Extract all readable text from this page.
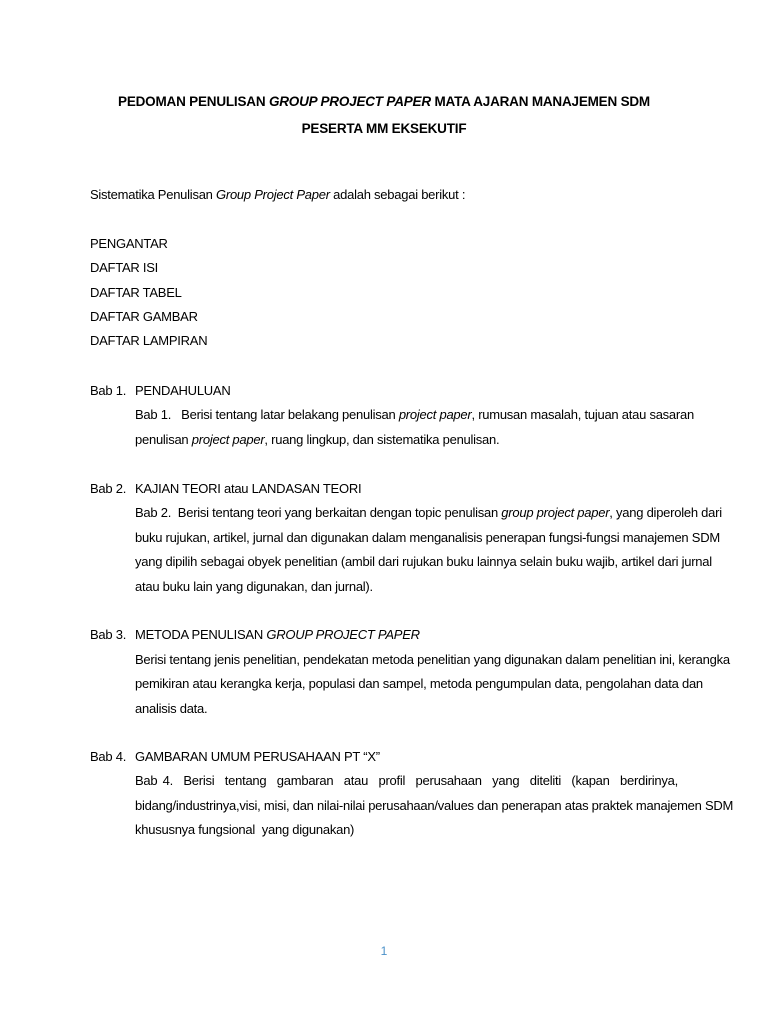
PEDOMAN PENULISAN GROUP PROJECT PAPER MATA AJARAN MANAJEMEN SDM
PESERTA MM EKSEKUTIF
Sistematika Penulisan Group Project Paper adalah sebagai berikut :
PENGANTAR
DAFTAR ISI
DAFTAR TABEL
DAFTAR GAMBAR
DAFTAR LAMPIRAN
Bab 1. PENDAHULUAN
Bab 1.   Berisi tentang latar belakang penulisan project paper, rumusan masalah, tujuan atau sasaran
penulisan project paper, ruang lingkup, dan sistematika penulisan.
Bab 2. KAJIAN TEORI atau LANDASAN TEORI
Bab 2.  Berisi tentang teori yang berkaitan dengan topic penulisan group project paper, yang diperoleh dari
buku rujukan, artikel, jurnal dan digunakan dalam menganalisis penerapan fungsi-fungsi manajemen SDM
yang dipilih sebagai obyek penelitian (ambil dari rujukan buku lainnya selain buku wajib, artikel dari jurnal
atau buku lain yang digunakan, dan jurnal).
Bab 3. METODA PENULISAN GROUP PROJECT PAPER
Berisi tentang jenis penelitian, pendekatan metoda penelitian yang digunakan dalam penelitian ini, kerangka
pemikiran atau kerangka kerja, populasi dan sampel, metoda pengumpulan data, pengolahan data dan
analisis data.
Bab 4. GAMBARAN UMUM PERUSAHAAN PT “X”
Bab 4.  Berisi  tentang  gambaran  atau  profil  perusahaan  yang  diteliti  (kapan  berdirinya,
bidang/industrinya,visi, misi, dan nilai-nilai perusahaan/values dan penerapan atas praktek manajemen SDM
khususnya fungsional  yang digunakan)
1
